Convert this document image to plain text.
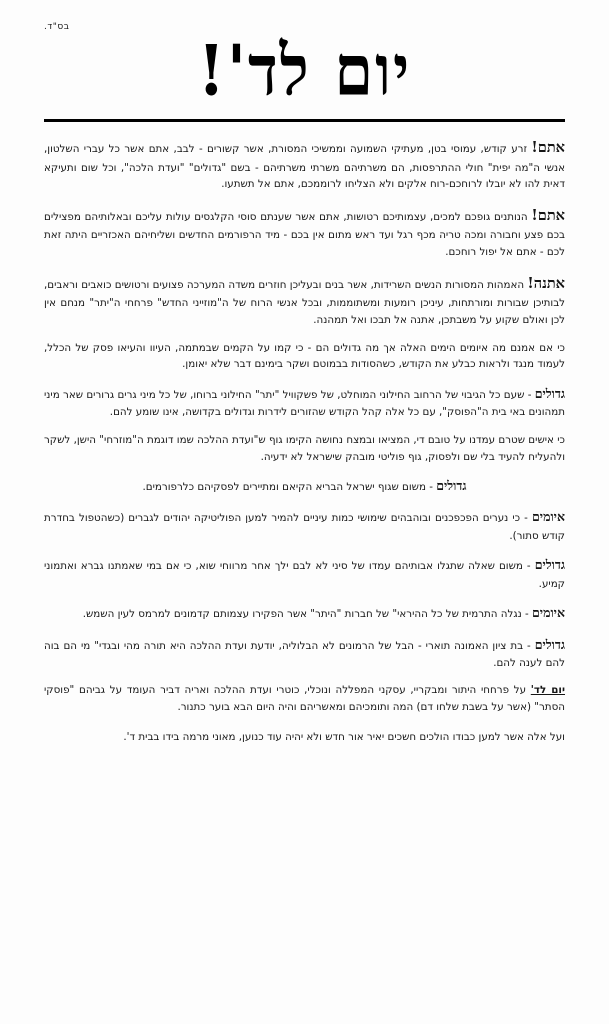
בס"ד.
יום לד'!

אתם! זרע קודש, עמוסי בטן, מעתיקי השמועה וממשיכי המסורת, אשר קשורים - לבב, אתם אשר כל עברי השלטון, אנשי ה"מה יפית" חולי ההתרפסות, הם משרתיהם משרתי משרתיהם - בשם "גדולים" "ועדת הלכה", וכל שום ותעיקא דאית להו לא יובלו לרוחכם-רוח אלקים ולא הצליחו לרוממכם, אתם אל תשתעו.

אתם! הנותנים גופכם למכים, עצמותיכם רטושות, אתם אשר שענתם סוסי הקלגסים עולות עליכם ובאלותיהם מפצילים בכם פצע וחבורה ומכה טריה מכף רגל ועד ראש מתום אין בכם - מיד הרפורמים החדשים ושליחיהם האכזריים היתה זאת לכם - אתם אל יפול רוחכם.

אתנה! האמהות המסורות הנשים השרידות, אשר בנים ובעליכן חוזרים משדה המערכה פצועים ורטושים כואבים וראבים, לבותיכן שבורות ומורתחות, עיניכן רומעות ומשתוממות, ובכל אנשי הרוח של ה"מוזייני החדש" פרחחי ה"יתר" מנחם אין לכן ואולם שקוע על משבתכן, אתנה אל תבכו ואל תמהנה.

כי אם אמנם מה איומים הימים האלה אך מה גדולים הם - כי קמו על הקמים שבמתמה, העיוו והעיאו פסק של הכלל, לעמוד מנגד ולראות כבלע את הקודש, כשהסודות בבמוטם ושקר בימינם דבר שלא יאומן.

גדולים - שעם כל הגיבוי של הרחוב החילוני המוחלט, של פשקוויל "יתר" החילוני ברוחו, של כל מיני גרים גרורים שאר מיני תמהונים באי בית ה"הפוסק", עם כל אלה קהל הקודש שהזורים לידרות וגדולים בקדושה, אינו שומע להם.

כי אישים שטרם עמדנו על טובם די, המציאו ובמצח נחושה הקימו גוף ש"ועדת ההלכה שמו דוגמת ה"מוזרחי" הישן, לשקר ולהעליח להעיד בלי שם ולפסוק, גוף פוליטי מובהק שישראל לא ידעיה.

גדולים - משום שגוף ישראל הבריא הקיאם ומתיירים לפסקיהם כלרפורמים.

איומים - כי נערים הפכפכנים ובוהבהים שימושי כמות עיניים להמיר למען הפוליטיקה יהודים לגברים (כשהטפול בחדרת קודש סתור).

גדולים - משום שאלה שתגלו אבותיהם עמדו של סיני לא לבם ילך אחר מרווחי שוא, כי אם במי שאמתנו גברא ואתמוני קמיע.

איומים - נגלה התרמית של כל ההיראי" של חברות "היתר" אשר הפקירו עצמותם קדמונים למרמס לעין השמש.

גדולים - בת ציון האמונה תוארי - הבל של הרמונים לא הבלוליה, יודעת ועדת ההלכה היא תורה מהי ובגדי" מי הם בוה להם לענה להם.

יום לד' על פרחחי היתור ומבקריי, עסקני המפללה ונוכלי, כוטרי ועדת ההלכה ואריה דביר העומד על גביהם "פוסקי הסתר" (אשר על בשבת שלחו דם) המה ותומכיהם ומאשריהם והיה היום הבא בוער כתנור.

ועל אלה אשר למען כבודו הולכים חשכים יאיר אור חדש ולא יהיה עוד כנוען, מאוני מרמה בידו בבית ד'.
